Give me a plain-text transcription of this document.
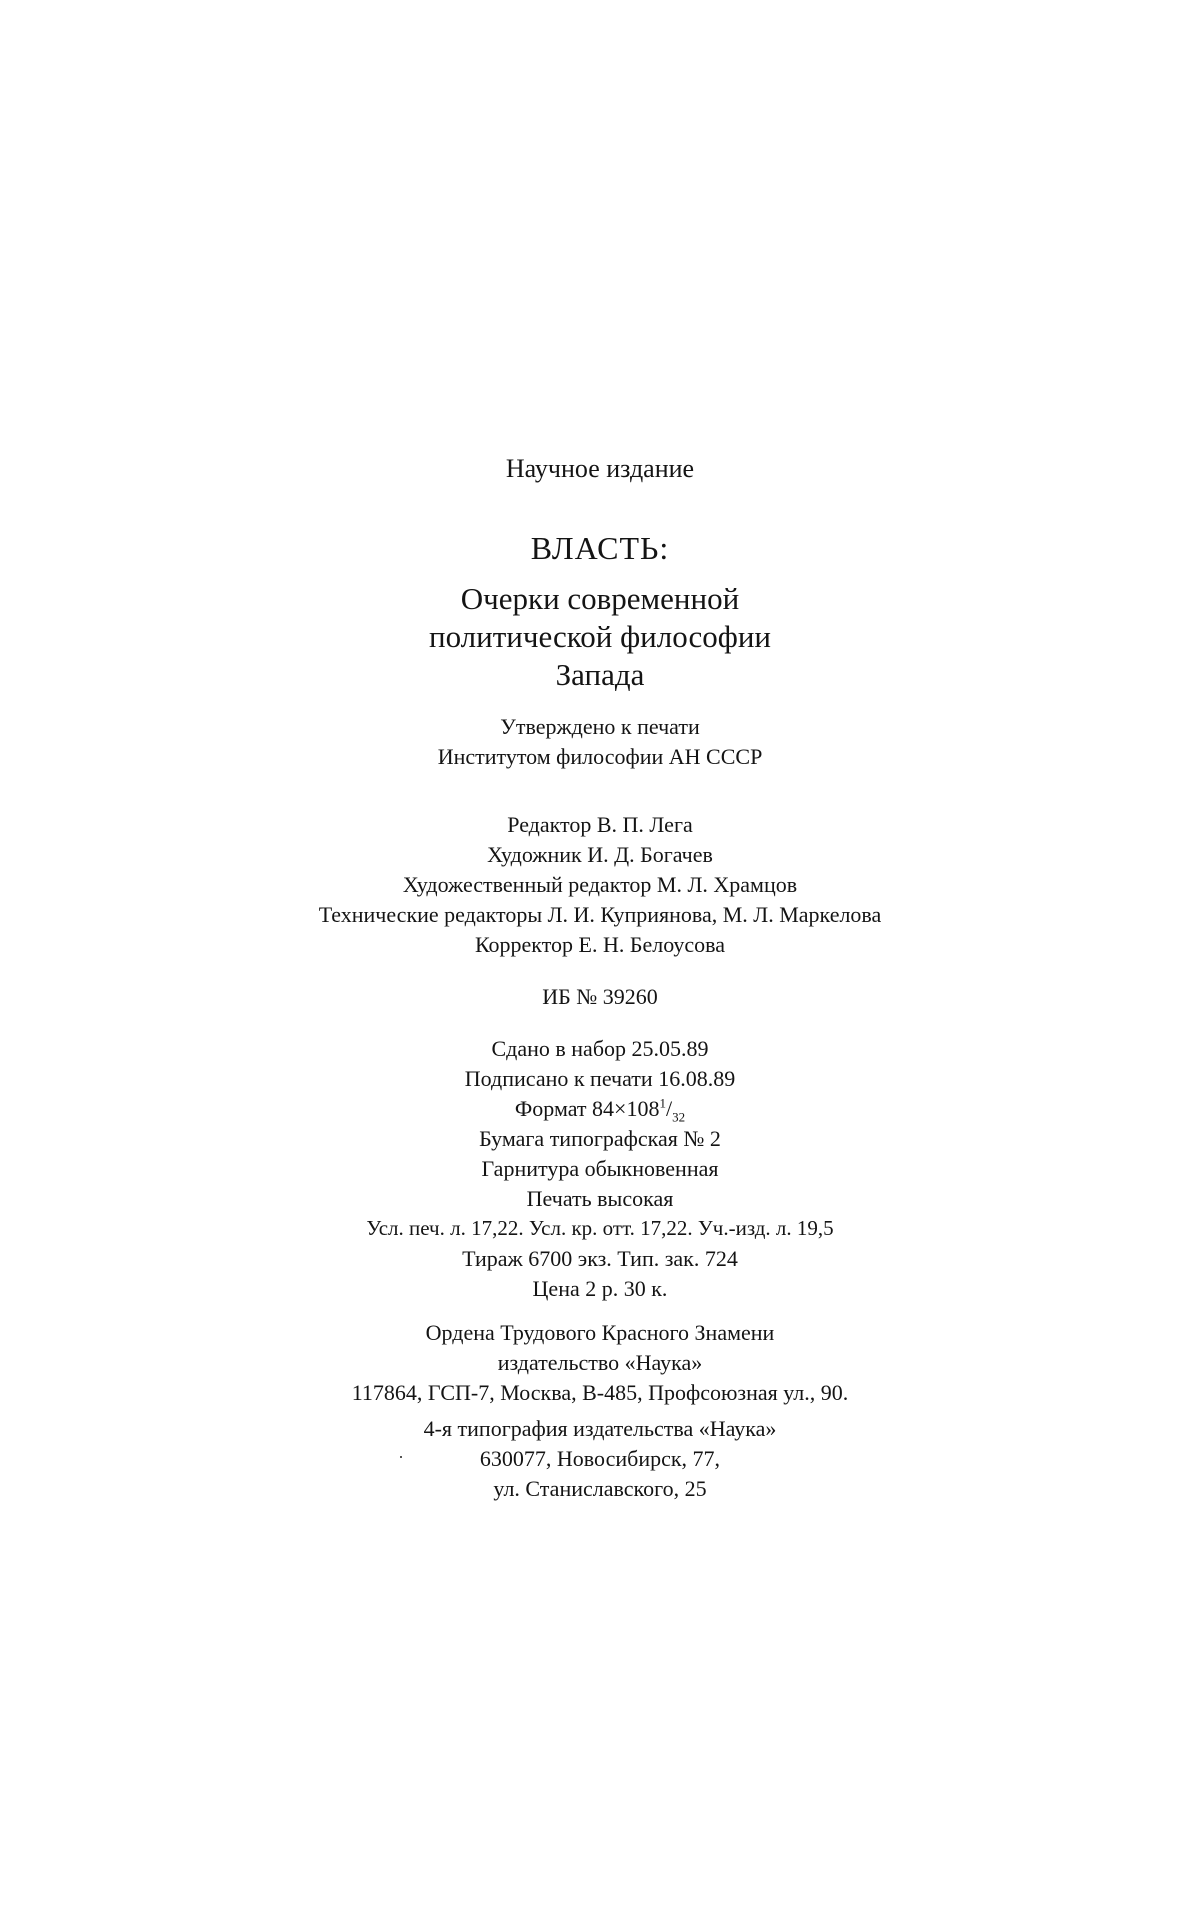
Научное издание
ВЛАСТЬ:
Очерки современной
политической философии
Запада
Утверждено к печати
Институтом философии АН СССР
Редактор В. П. Лега
Художник И. Д. Богачев
Художественный редактор М. Л. Храмцов
Технические редакторы Л. И. Куприянова, М. Л. Маркелова
Корректор Е. Н. Белоусова
ИБ № 39260
Сдано в набор 25.05.89
Подписано к печати 16.08.89
Формат $84\times 108^1/_{32}$
Бумага типографская № 2
Гарнитура обыкновенная
Печать высокая
Усл. печ. л. 17,22. Усл. кр. отт. 17,22. Уч.-изд. л. 19,5
Тираж 6700 экз. Тип. зак. 724
Цена 2 р. 30 к.
Ордена Трудового Красного Знамени
издательство «Наука»
117864, ГСП-7, Москва, В-485, Профсоюзная ул., 90.
4-я типография издательства «Наука»
630077, Новосибирск, 77,
ул. Станиславского, 25
